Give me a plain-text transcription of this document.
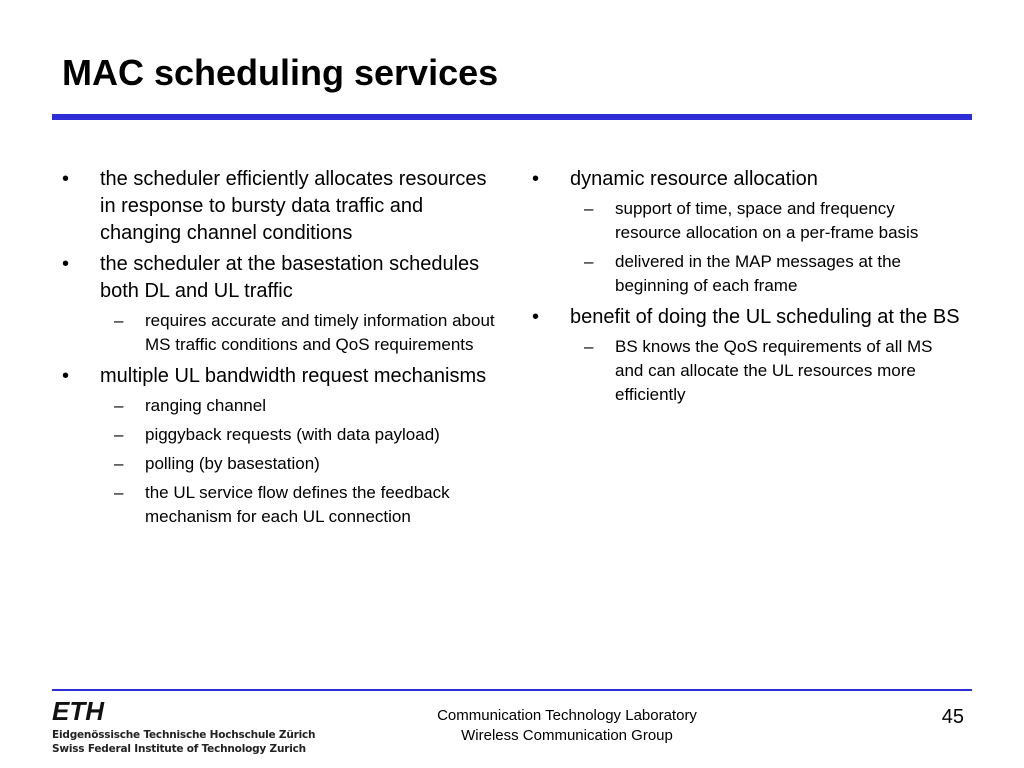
MAC scheduling services
• the scheduler efficiently allocates resources in response to bursty data traffic and changing channel conditions
• the scheduler at the basestation schedules both DL and UL traffic
– requires accurate and timely information about MS traffic conditions and QoS requirements
• multiple UL bandwidth request mechanisms
– ranging channel
– piggyback requests (with data payload)
– polling (by basestation)
– the UL service flow defines the feedback mechanism for each UL connection
• dynamic resource allocation
– support of time, space and frequency resource allocation on a per-frame basis
– delivered in the MAP messages at the beginning of each frame
• benefit of doing the UL scheduling at the BS
– BS knows the QoS requirements of all MS and can allocate the UL resources more efficiently
ETH
Eidgenössische Technische Hochschule Zürich
Swiss Federal Institute of Technology Zurich
Communication Technology Laboratory
Wireless Communication Group
45
